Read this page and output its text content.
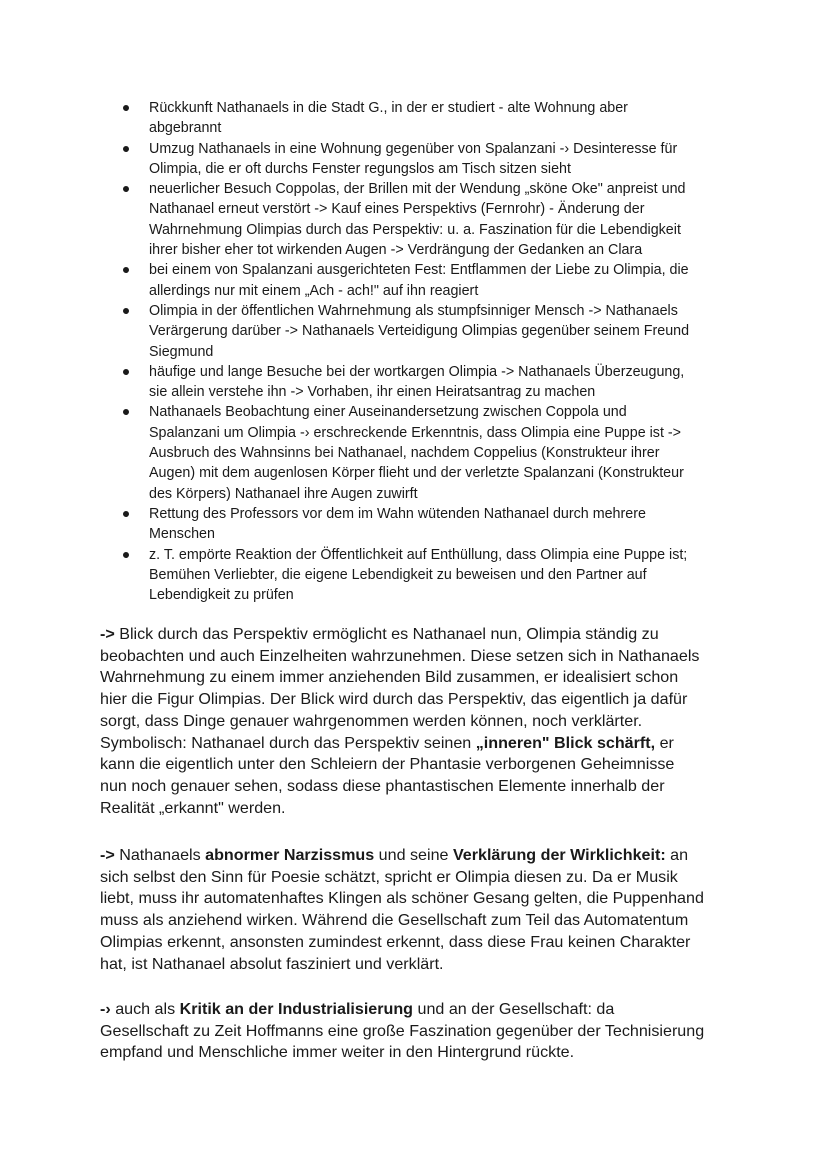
Rückkunft Nathanaels in die Stadt G., in der er studiert - alte Wohnung aber
abgebrannt
Umzug Nathanaels in eine Wohnung gegenüber von Spalanzani -› Desinteresse für
Olimpia, die er oft durchs Fenster regungslos am Tisch sitzen sieht
neuerlicher Besuch Coppolas, der Brillen mit der Wendung „sköne Oke" anpreist und
Nathanael erneut verstört -> Kauf eines Perspektivs (Fernrohr) - Änderung der
Wahrnehmung Olimpias durch das Perspektiv: u. a. Faszination für die Lebendigkeit
ihrer bisher eher tot wirkenden Augen -> Verdrängung der Gedanken an Clara
bei einem von Spalanzani ausgerichteten Fest: Entflammen der Liebe zu Olimpia, die
allerdings nur mit einem „Ach - ach!" auf ihn reagiert
Olimpia in der öffentlichen Wahrnehmung als stumpfsinniger Mensch -> Nathanaels
Verärgerung darüber -> Nathanaels Verteidigung Olimpias gegenüber seinem Freund
Siegmund
häufige und lange Besuche bei der wortkargen Olimpia -> Nathanaels Überzeugung,
sie allein verstehe ihn -> Vorhaben, ihr einen Heiratsantrag zu machen
Nathanaels Beobachtung einer Auseinandersetzung zwischen Coppola und
Spalanzani um Olimpia -› erschreckende Erkenntnis, dass Olimpia eine Puppe ist ->
Ausbruch des Wahnsinns bei Nathanael, nachdem Coppelius (Konstrukteur ihrer
Augen) mit dem augenlosen Körper flieht und der verletzte Spalanzani (Konstrukteur
des Körpers) Nathanael ihre Augen zuwirft
Rettung des Professors vor dem im Wahn wütenden Nathanael durch mehrere
Menschen
z. T. empörte Reaktion der Öffentlichkeit auf Enthüllung, dass Olimpia eine Puppe ist;
Bemühen Verliebter, die eigene Lebendigkeit zu beweisen und den Partner auf
Lebendigkeit zu prüfen

-> Blick durch das Perspektiv ermöglicht es Nathanael nun, Olimpia ständig zu
beobachten und auch Einzelheiten wahrzunehmen. Diese setzen sich in Nathanaels
Wahrnehmung zu einem immer anziehenden Bild zusammen, er idealisiert schon
hier die Figur Olimpias. Der Blick wird durch das Perspektiv, das eigentlich ja dafür
sorgt, dass Dinge genauer wahrgenommen werden können, noch verklärter.
Symbolisch: Nathanael durch das Perspektiv seinen „inneren" Blick schärft, er
kann die eigentlich unter den Schleiern der Phantasie verborgenen Geheimnisse
nun noch genauer sehen, sodass diese phantastischen Elemente innerhalb der
Realität „erkannt" werden.

-> Nathanaels abnormer Narzissmus und seine Verklärung der Wirklichkeit: an
sich selbst den Sinn für Poesie schätzt, spricht er Olimpia diesen zu. Da er Musik
liebt, muss ihr automatenhaftes Klingen als schöner Gesang gelten, die Puppenhand
muss als anziehend wirken. Während die Gesellschaft zum Teil das Automatentum
Olimpias erkennt, ansonsten zumindest erkennt, dass diese Frau keinen Charakter
hat, ist Nathanael absolut fasziniert und verklärt.

-› auch als Kritik an der Industrialisierung und an der Gesellschaft: da
Gesellschaft zu Zeit Hoffmanns eine große Faszination gegenüber der Technisierung
empfand und Menschliche immer weiter in den Hintergrund rückte.
